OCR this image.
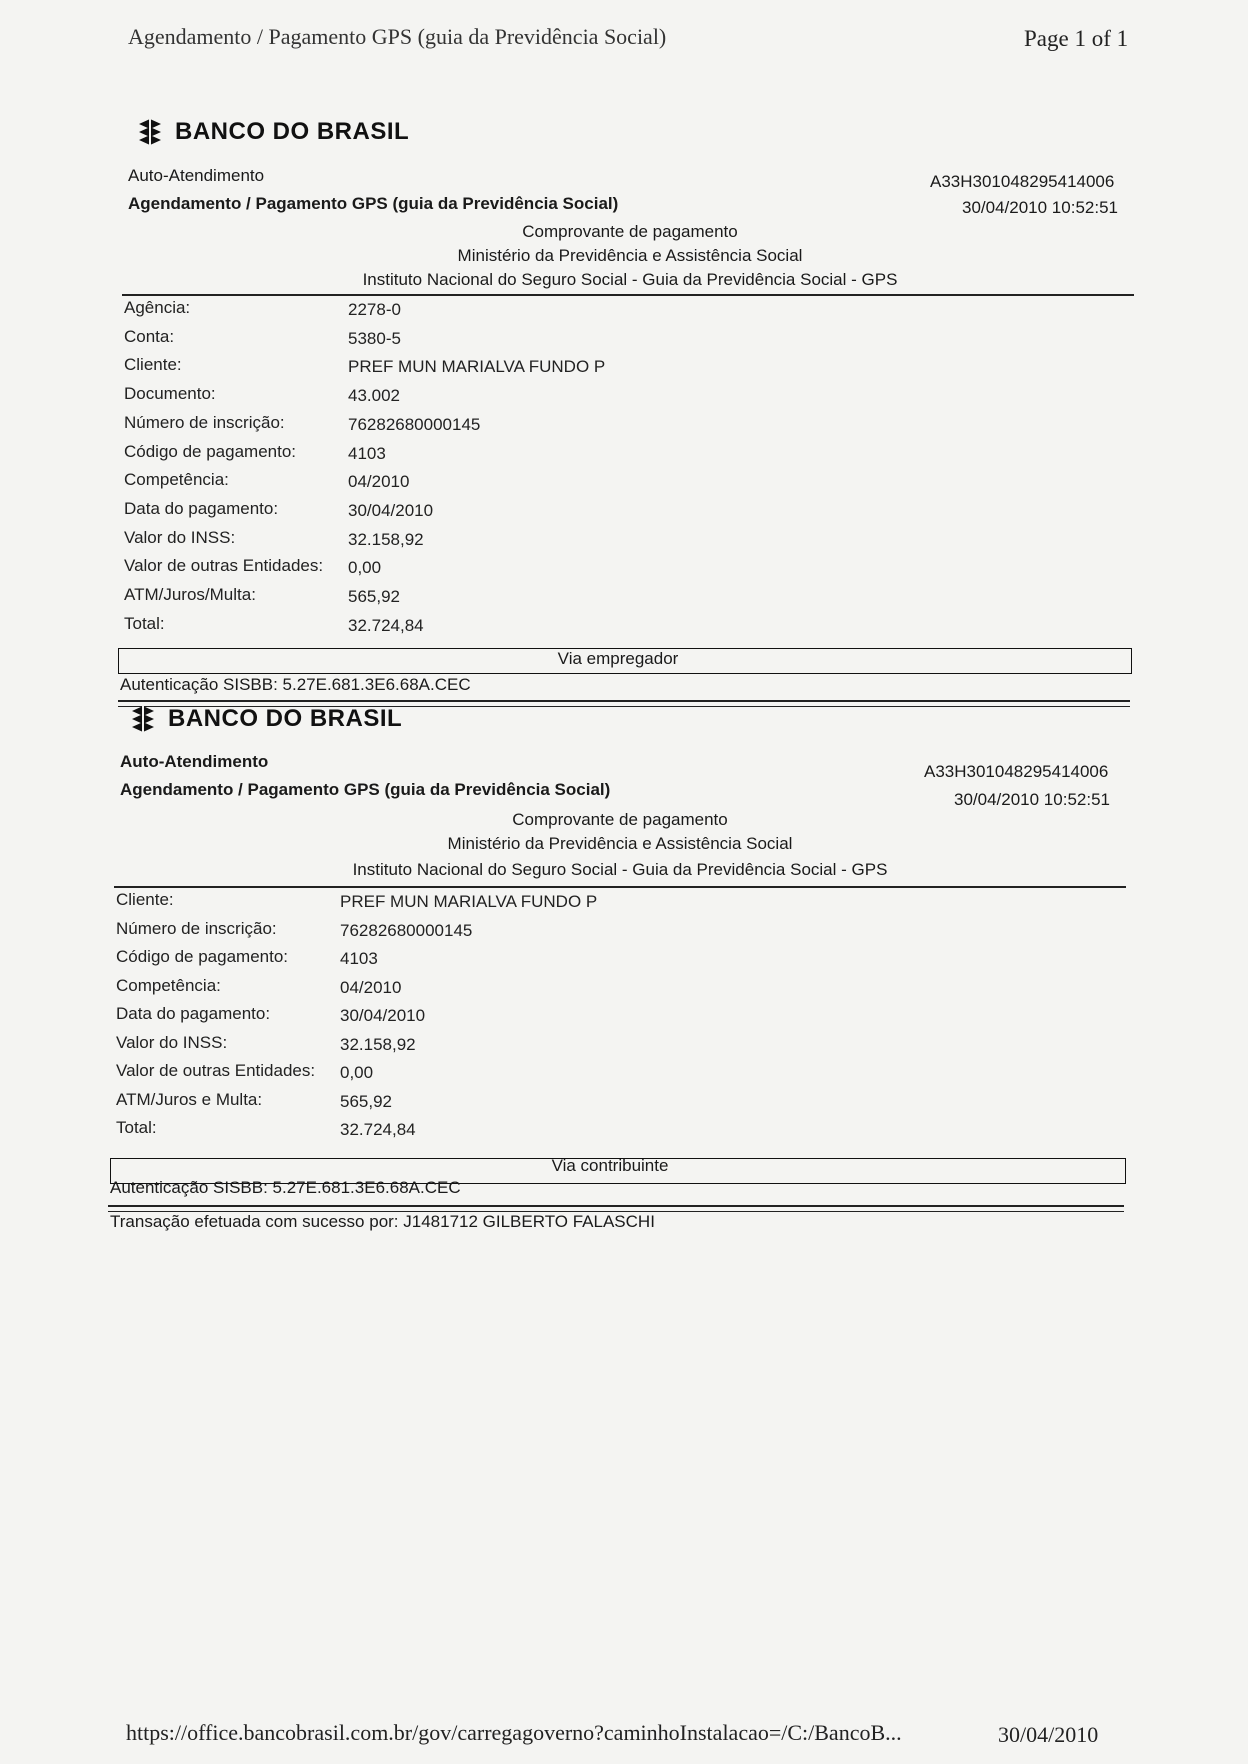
Agendamento / Pagamento GPS (guia da Previdência Social)	Page 1 of 1
BANCO DO BRASIL
Auto-Atendimento
Agendamento / Pagamento GPS (guia da Previdência Social)
A33H301048295414006
30/04/2010 10:52:51
Comprovante de pagamento
Ministério da Previdência e Assistência Social
Instituto Nacional do Seguro Social - Guia da Previdência Social - GPS
Agência:	2278-0
Conta:	5380-5
Cliente:	PREF MUN MARIALVA FUNDO P
Documento:	43.002
Número de inscrição:	76282680000145
Código de pagamento:	4103
Competência:	04/2010
Data do pagamento:	30/04/2010
Valor do INSS:	32.158,92
Valor de outras Entidades: 0,00
ATM/Juros/Multa:	565,92
Total:	32.724,84
Via empregador
Autenticação SISBB: 5.27E.681.3E6.68A.CEC
BANCO DO BRASIL
Auto-Atendimento
Agendamento / Pagamento GPS (guia da Previdência Social)
A33H301048295414006
30/04/2010 10:52:51
Comprovante de pagamento
Ministério da Previdência e Assistência Social
Instituto Nacional do Seguro Social - Guia da Previdência Social - GPS
Cliente:	PREF MUN MARIALVA FUNDO P
Número de inscrição:	76282680000145
Código de pagamento:	4103
Competência:	04/2010
Data do pagamento:	30/04/2010
Valor do INSS:	32.158,92
Valor de outras Entidades: 0,00
ATM/Juros e Multa:	565,92
Total:	32.724,84
Via contribuinte
Autenticação SISBB: 5.27E.681.3E6.68A.CEC
Transação efetuada com sucesso por: J1481712 GILBERTO FALASCHI
https://office.bancobrasil.com.br/gov/carregagoverno?caminhoInstalacao=/C:/BancoB...	30/04/2010
